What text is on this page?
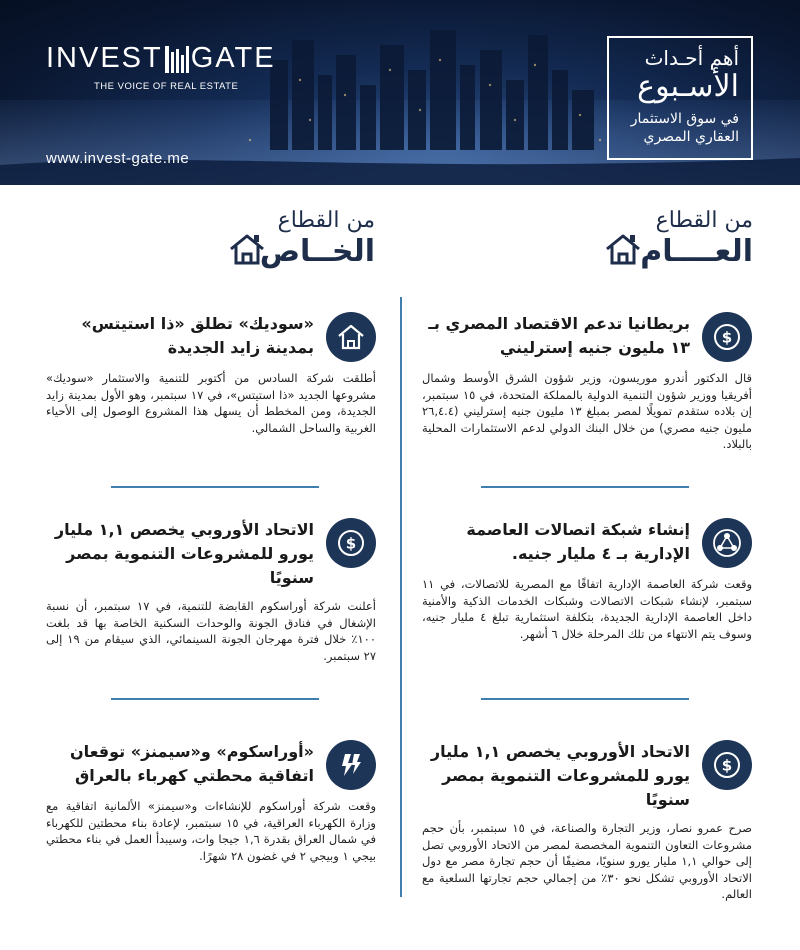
INVEST GATE
THE VOICE OF REAL ESTATE
www.invest-gate.me
أهم أحـداث
الأسـبوع
في سوق الاستثمار
العقاري المصري
من القطاع
العــــام
من القطاع
الخــاص
$
بريطانيا تدعم الاقتصاد المصري بـ ١٣ مليون جنيه إسترليني
قال الدكتور أندرو موريسون، وزير شؤون الشرق الأوسط وشمال أفريقيا ووزير شؤون التنمية الدولية بالمملكة المتحدة، في ١٥ سبتمبر، إن بلاده ستقدم تمويلًا لمصر بمبلغ ١٣ مليون جنيه إسترليني (٢٦,٤.٤ مليون جنيه مصري) من خلال البنك الدولي لدعم الاستثمارات المحلية بالبلاد.
إنشاء شبكة اتصالات العاصمة الإدارية بـ ٤ مليار جنيه.
وقعت شركة العاصمة الإدارية اتفاقًا مع المصرية للاتصالات، في ١١ سبتمبر، لإنشاء شبكات الاتصالات وشبكات الخدمات الذكية والأمنية داخل العاصمة الإدارية الجديدة، بتكلفة استثمارية تبلغ ٤ مليار جنيه، وسوف يتم الانتهاء من تلك المرحلة خلال ٦ أشهر.
$
الاتحاد الأوروبي يخصص ١,١ مليار يورو للمشروعات التنموية بمصر سنويًا
صرح عمرو نصار، وزير التجارة والصناعة، في ١٥ سبتمبر، بأن حجم مشروعات التعاون التنموية المخصصة لمصر من الاتحاد الأوروبي تصل إلى حوالي ١,١ مليار يورو سنويًا، مضيفًا أن حجم تجارة مصر مع دول الاتحاد الأوروبي تشكل نحو ٣٠٪ من إجمالي حجم تجارتها السلعية مع العالم.
«سوديك» تطلق «ذا استيتس» بمدينة زايد الجديدة
أطلقت شركة السادس من أكتوبر للتنمية والاستثمار «سوديك» مشروعها الجديد «ذا استيتس»، في ١٧ سبتمبر، وهو الأول بمدينة زايد الجديدة، ومن المخطط أن يسهل هذا المشروع الوصول إلى الأحياء الغربية والساحل الشمالي.
$
الاتحاد الأوروبي يخصص ١,١ مليار يورو للمشروعات التنموية بمصر سنويًا
أعلنت شركة أوراسكوم القابضة للتنمية، في ١٧ سبتمبر، أن نسبة الإشغال في فنادق الجونة والوحدات السكنية الخاصة بها قد بلغت ١٠٠٪ خلال فترة مهرجان الجونة السينمائي، الذي سيقام من ١٩ إلى ٢٧ سبتمبر.
«أوراسكوم» و«سيمنز» توقعان اتفاقية محطتي كهرباء بالعراق
وقعت شركة أوراسكوم للإنشاءات و«سيمنز» الألمانية اتفاقية مع وزارة الكهرباء العراقية، في ١٥ سبتمبر، لإعادة بناء محطتين للكهرباء في شمال العراق بقدرة ١,٦ جيجا وات، وسيبدأ العمل في بناء محطتي بيجي ١ وبيجي ٢ في غضون ٢٨ شهرًا.
